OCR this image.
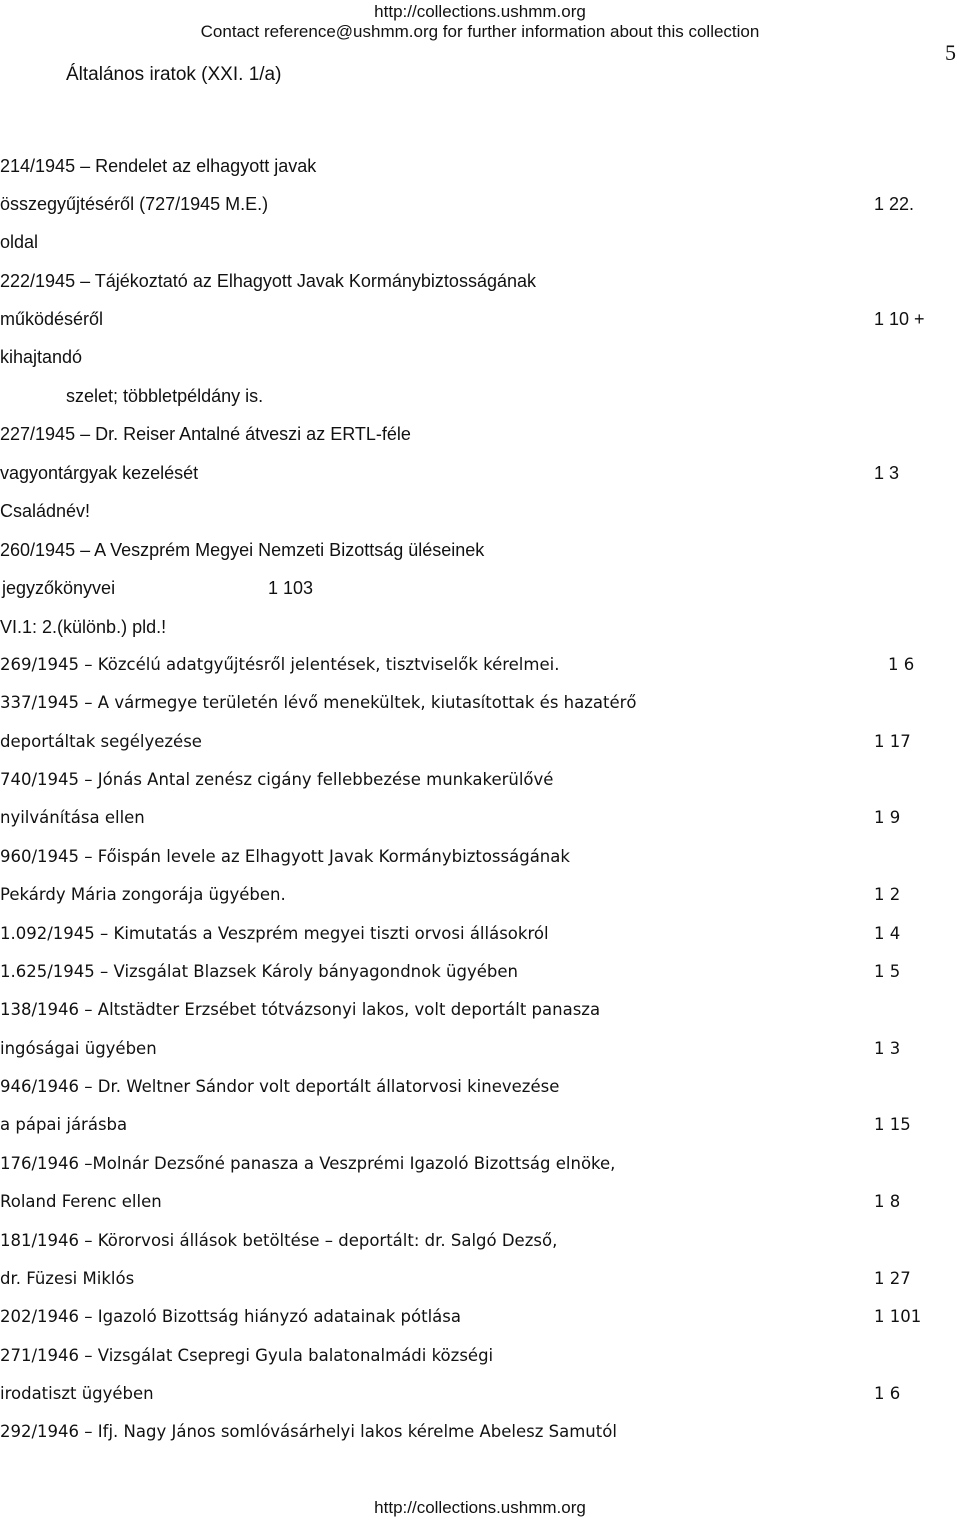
http://collections.ushmm.org
Contact reference@ushmm.org for further information about this collection
5
Általános iratok (XXI. 1/a)
214/1945 – Rendelet az elhagyott javak
összegyűjtéséről (727/1945 M.E.)	1 22.
oldal
222/1945 – Tájékoztató az Elhagyott Javak Kormánybiztosságának
működéséről	1 10 +
kihajtandó
szelet; többletpéldány is.
227/1945 – Dr. Reiser Antalné átveszi az ERTL-féle
vagyontárgyak kezelését	1 3
Családnév!
260/1945 – A Veszprém Megyei Nemzeti Bizottság üléseinek
jegyzőkönyvei	1 103
VI.1: 2.(különb.) pld.!
269/1945 – Közcélú adatgyűjtésről jelentések, tisztviselők kérelmei.	1 6
337/1945 – A vármegye területén lévő menekültek, kiutasítottak és hazatérő
deportáltak segélyezése	1 17
740/1945 – Jónás Antal zenész cigány fellebbezése munkakerülővé
nyilvánítása ellen	1 9
960/1945 – Főispán levele az Elhagyott Javak Kormánybiztosságának
Pekárdy Mária zongorája ügyében.	1 2
1.092/1945 – Kimutatás a Veszprém megyei tiszti orvosi állásokról	1 4
1.625/1945 – Vizsgálat Blazsek Károly bányagondnok ügyében	1 5
138/1946 – Altstädter Erzsébet tótvázsonyi lakos, volt deportált panasza
ingóságai ügyében	1 3
946/1946 – Dr. Weltner Sándor volt deportált állatorvosi kinevezése
a pápai járásba	1 15
176/1946 –Molnár Dezsőné panasza a Veszprémi Igazoló Bizottság elnöke,
Roland Ferenc ellen	1 8
181/1946 – Körorvosi állások betöltése – deportált: dr. Salgó Dezső,
dr. Füzesi Miklós	1 27
202/1946 – Igazoló Bizottság hiányzó adatainak pótlása	1 101
271/1946 – Vizsgálat Csepregi Gyula balatonalmádi községi
irodatiszt ügyében	1 6
292/1946 – Ifj. Nagy János somlóvásárhelyi lakos kérelme Abelesz Samutól
http://collections.ushmm.org
